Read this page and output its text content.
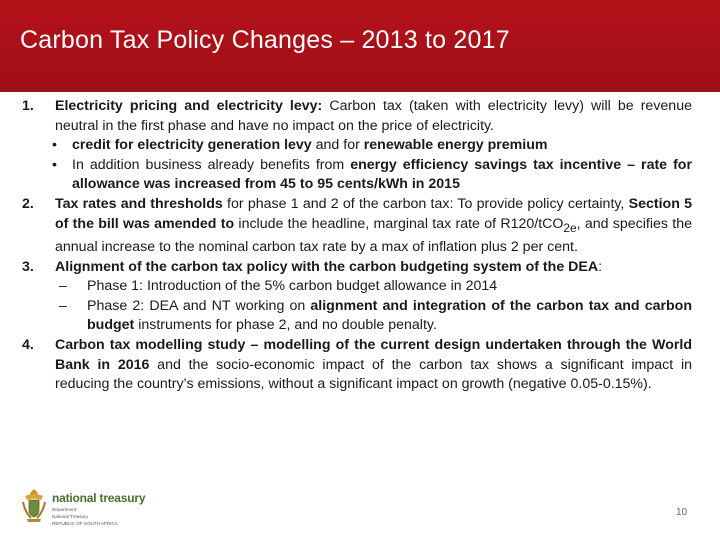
Carbon Tax Policy Changes – 2013 to 2017
1. Electricity pricing and electricity levy: Carbon tax (taken with electricity levy) will be revenue neutral in the first phase and have no impact on the price of electricity.
• credit for electricity generation levy and for renewable energy premium
• In addition business already benefits from energy efficiency savings tax incentive – rate for allowance was increased from 45 to 95 cents/kWh in 2015
2. Tax rates and thresholds for phase 1 and 2 of the carbon tax: To provide policy certainty, Section 5 of the bill was amended to include the headline, marginal tax rate of R120/tCO$_{2e}$, and specifies the annual increase to the nominal carbon tax rate by a max of inflation plus 2 per cent.
3. Alignment of the carbon tax policy with the carbon budgeting system of the DEA:
– Phase 1: Introduction of the 5% carbon budget allowance in 2014
– Phase 2: DEA and NT working on alignment and integration of the carbon tax and carbon budget instruments for phase 2, and no double penalty.
4. Carbon tax modelling study – modelling of the current design undertaken through the World Bank in 2016 and the socio-economic impact of the carbon tax shows a significant impact in reducing the country’s emissions, without a significant impact on growth (negative 0.05-0.15%).
national treasury
Department:
National Treasury
REPUBLIC OF SOUTH AFRICA
10
